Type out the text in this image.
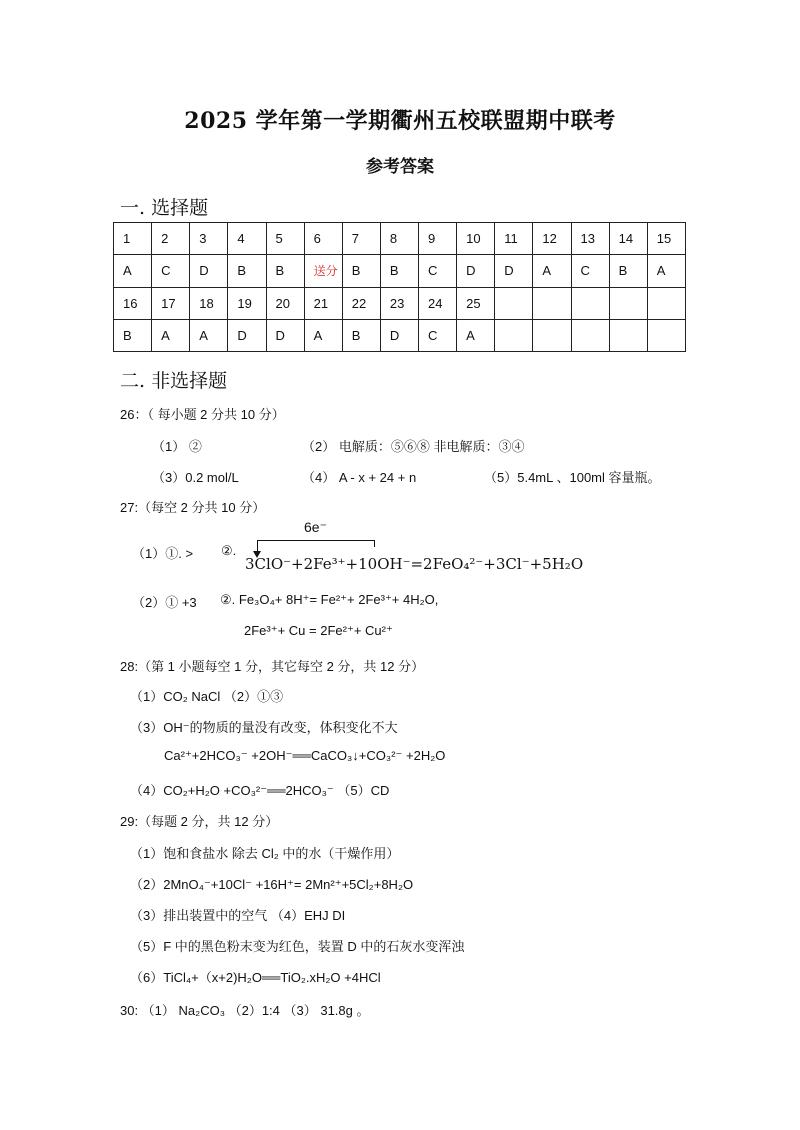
2025 学年第一学期衢州五校联盟期中联考
参考答案
一. 选择题
1	2	3	4	5	6	7	8	9	10	11	12	13	14	15
A	C	D	B	B	送分	B	B	C	D	D	A	C	B	A
16	17	18	19	20	21	22	23	24	25					
B	A	A	D	D	A	B	D	C	A					
二. 非选择题
26：（ 每小题 2 分共 10 分）
（1） ②	（2） 电解质：⑤⑥⑧ 非电解质：③④
（3）0.2 mol/L	（4） A - x + 24 + n	（5）5.4mL 、100ml 容量瓶。
27:（每空 2 分共 10 分）
6e⁻
（1）①. > ②.
3ClO⁻+2Fe³⁺+10OH⁻=2FeO₄²⁻+3Cl⁻+5H₂O
（2）① +3 ②. Fe₃O₄+ 8H⁺= Fe²⁺+ 2Fe³⁺+ 4H₂O,
2Fe³⁺+ Cu = 2Fe²⁺+ Cu²⁺
28:（第 1 小题每空 1 分，其它每空 2 分，共 12 分）
（1）CO₂ NaCl （2）①③
（3）OH⁻的物质的量没有改变，体积变化不大
Ca²⁺+2HCO₃⁻ +2OH⁻══CaCO₃↓+CO₃²⁻ +2H₂O
（4）CO₂+H₂O +CO₃²⁻══2HCO₃⁻ （5）CD
29:（每题 2 分，共 12 分）
（1）饱和食盐水 除去 Cl₂ 中的水（干燥作用）
（2）2MnO₄⁻+10Cl⁻ +16H⁺= 2Mn²⁺+5Cl₂+8H₂O
（3）排出装置中的空气 （4）EHJ DI
（5）F 中的黑色粉末变为红色，装置 D 中的石灰水变浑浊
（6）TiCl₄+（x+2)H₂O══TiO₂.xH₂O +4HCl
30: （1） Na₂CO₃ （2）1:4 （3） 31.8g 。
